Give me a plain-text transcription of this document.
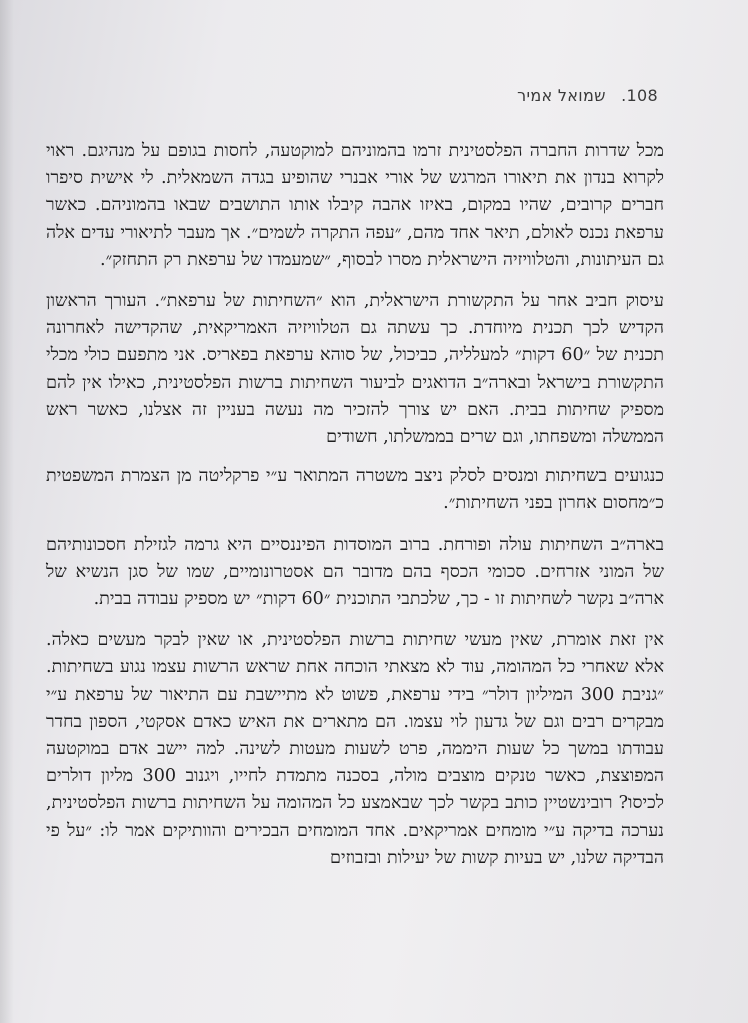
108. שמואל אמיר

מכל שדרות החברה הפלסטינית זרמו בהמוניהם למוקטעה, לחסות בגופם על מנהיגם. ראוי לקרוא בנדון את תיאורו המרגש של אורי אבנרי שהופיע בגדה השמאלית. לי אישית סיפרו חברים קרובים, שהיו במקום, באיזו אהבה קיבלו אותו התושבים שבאו בהמוניהם. כאשר ערפאת נכנס לאולם, תיאר אחד מהם, ״עפה התקרה לשמים״. אך מעבר לתיאורי עדים אלה גם העיתונות, והטלוויזיה הישראלית מסרו לבסוף, ״שמעמדו של ערפאת רק התחזק״.

עיסוק חביב אחר על התקשורת הישראלית, הוא ״השחיתות של ערפאת״. העורך הראשון הקדיש לכך תכנית מיוחדת. כך עשתה גם הטלוויזיה האמריקאית, שהקדישה לאחרונה תכנית של ״60 דקות״ למעלליה, כביכול, של סוהא ערפאת בפאריס. אני מתפעם כולי מכלי התקשורת בישראל ובארה״ב הדואגים לביעור השחיתות ברשות הפלסטינית, כאילו אין להם מספיק שחיתות בבית. האם יש צורך להזכיר מה נעשה בעניין זה אצלנו, כאשר ראש הממשלה ומשפחתו, וגם שרים בממשלתו, חשודים

כנגועים בשחיתות ומנסים לסלק ניצב משטרה המתואר ע״י פרקליטה מן הצמרת המשפטית כ״מחסום אחרון בפני השחיתות״.

בארה״ב השחיתות עולה ופורחת. ברוב המוסדות הפיננסיים היא גרמה לגזילת חסכונותיהם של המוני אזרחים. סכומי הכסף בהם מדובר הם אסטרונומיים, שמו של סגן הנשיא של ארה״ב נקשר לשחיתות זו - כך, שלכתבי התוכנית ״60 דקות״ יש מספיק עבודה בבית.

אין זאת אומרת, שאין מעשי שחיתות ברשות הפלסטינית, או שאין לבקר מעשים כאלה. אלא שאחרי כל המהומה, עוד לא מצאתי הוכחה אחת שראש הרשות עצמו נגוע בשחיתות. ״גניבת 300 המיליון דולר״ בידי ערפאת, פשוט לא מתיישבת עם התיאור של ערפאת ע״י מבקרים רבים וגם של גדעון לוי עצמו. הם מתארים את האיש כאדם אסקטי, הספון בחדר עבודתו במשך כל שעות היממה, פרט לשעות מעטות לשינה. למה יישב אדם במוקטעה המפוצצת, כאשר טנקים מוצבים מולה, בסכנה מתמדת לחייו, ויגנוב 300 מליון דולרים לכיסו? רובינשטיין כותב בקשר לכך שבאמצע כל המהומה על השחיתות ברשות הפלסטינית, נערכה בדיקה ע״י מומחים אמריקאים. אחד המומחים הבכירים והוותיקים אמר לו: ״על פי הבדיקה שלנו, יש בעיות קשות של יעילות ובזבוזים
